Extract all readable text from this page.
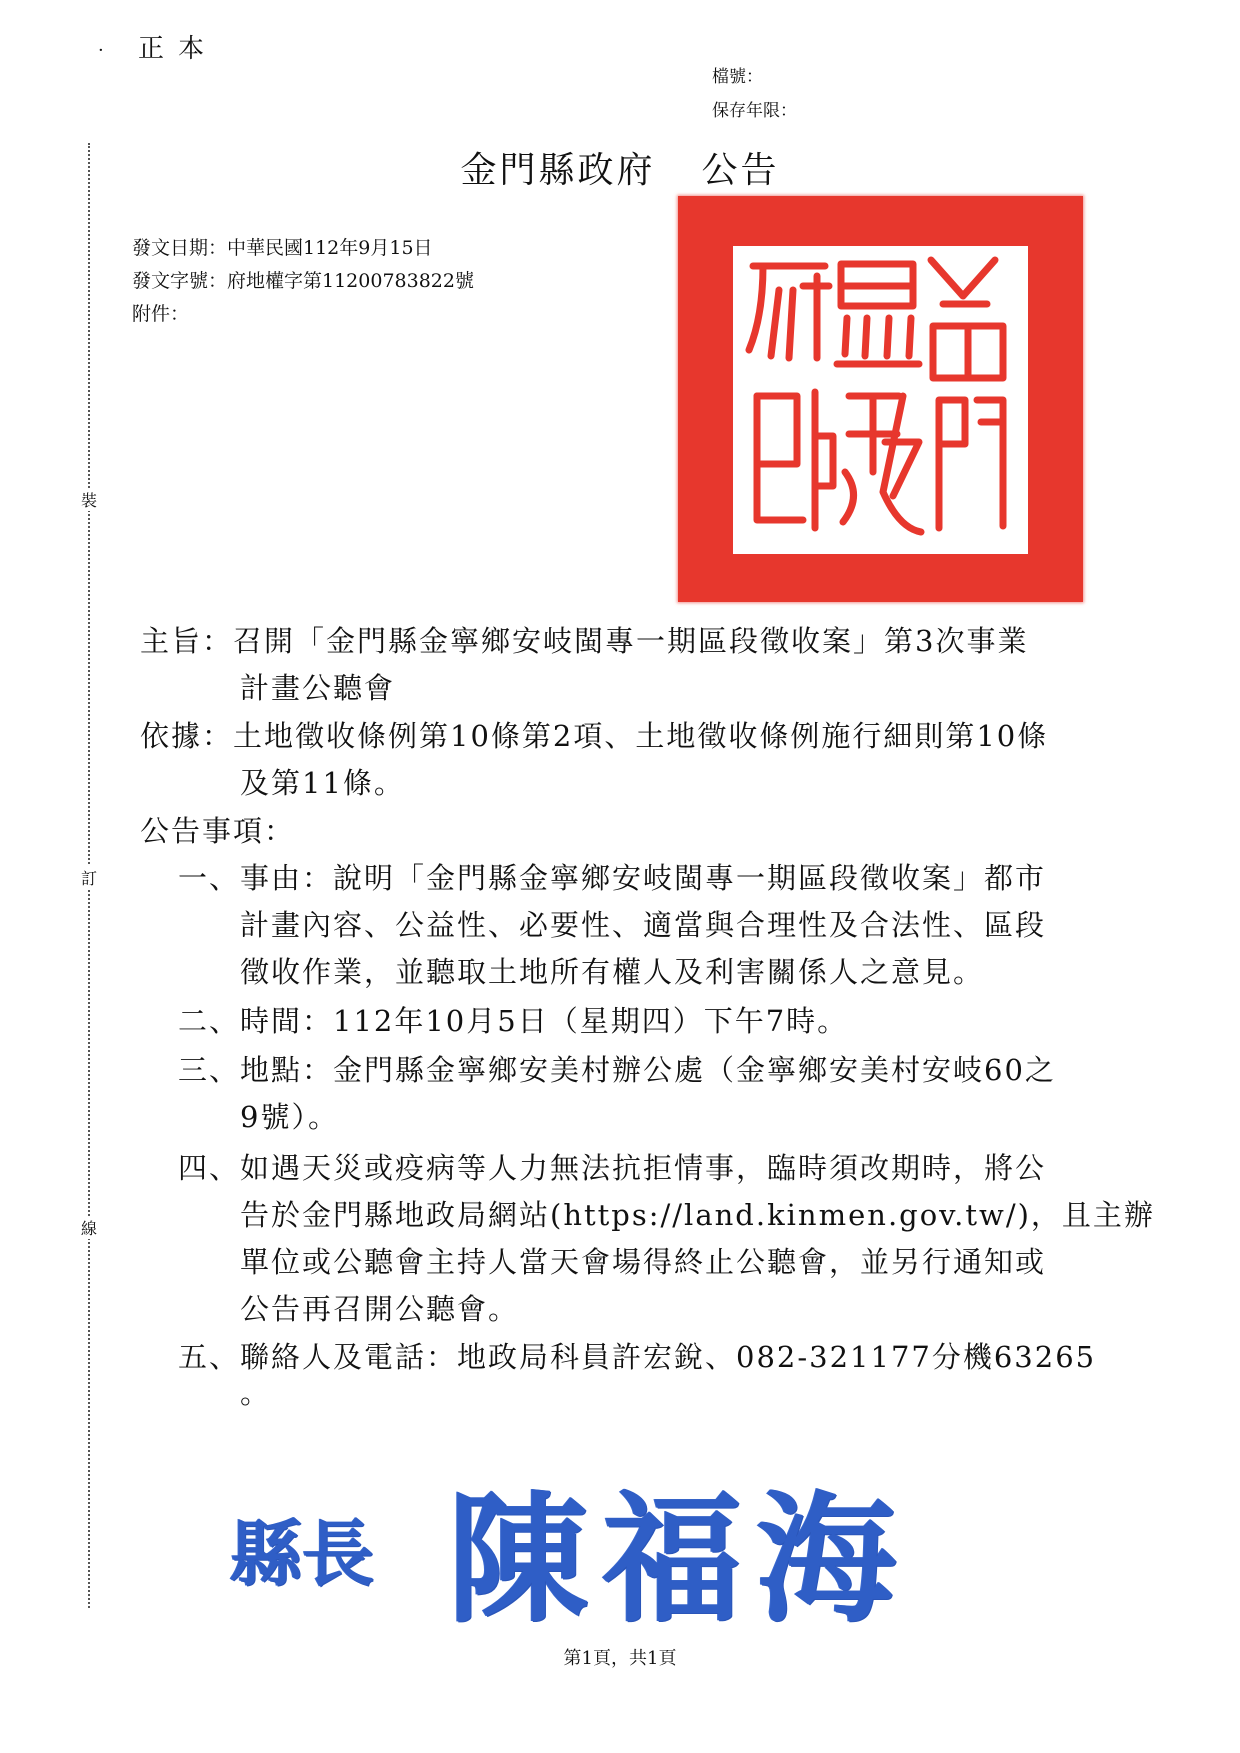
· 正本
檔號：
保存年限：
裝
訂
線
金門縣政府 公告
發文日期：中華民國112年9月15日
發文字號：府地權字第11200783822號
附件：
主旨：召開「金門縣金寧鄉安岐閩專一期區段徵收案」第3次事業
計畫公聽會
依據：土地徵收條例第10條第2項、土地徵收條例施行細則第10條
及第11條。
公告事項：
一、事由：說明「金門縣金寧鄉安岐閩專一期區段徵收案」都市
計畫內容、公益性、必要性、適當與合理性及合法性、區段
徵收作業，並聽取土地所有權人及利害關係人之意見。
二、時間：112年10月5日（星期四）下午7時。
三、地點：金門縣金寧鄉安美村辦公處（金寧鄉安美村安岐60之
9號）。
四、如遇天災或疫病等人力無法抗拒情事，臨時須改期時，將公
告於金門縣地政局網站(https://land.kinmen.gov.tw/)，且主辦
單位或公聽會主持人當天會場得終止公聽會，並另行通知或
公告再召開公聽會。
五、聯絡人及電話：地政局科員許宏銳、082-321177分機63265
。
縣長 陳福海
第1頁，共1頁
